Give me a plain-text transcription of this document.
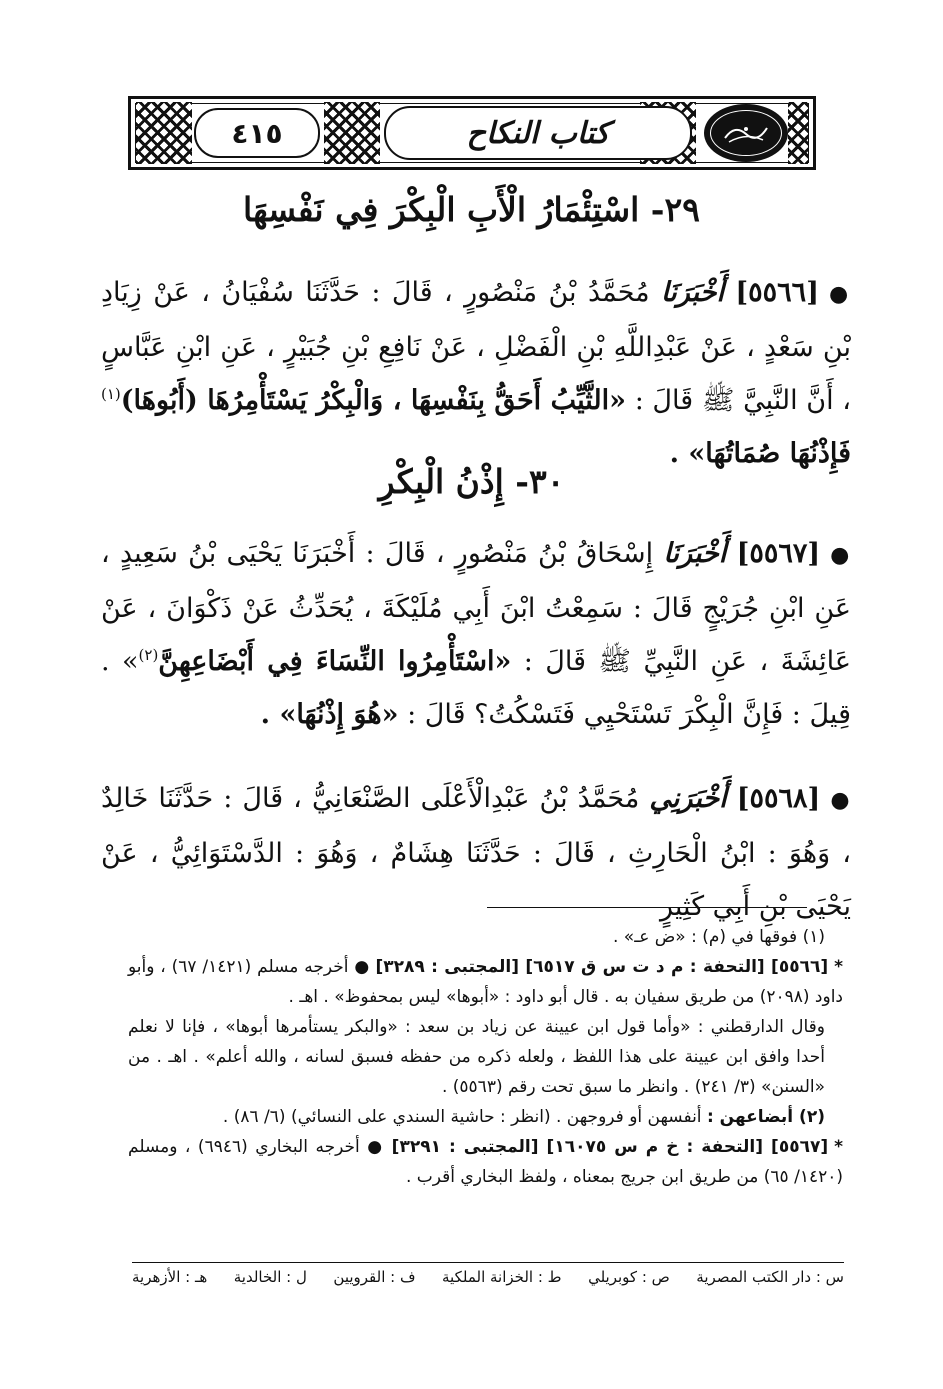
٤١٥	كتاب النكاح
٢٩- اسْتِئْمَارُ الْأَبِ الْبِكْرَ فِي نَفْسِهَا
●[٥٥٦٦] أَخْبَرَنَا مُحَمَّدُ بْنُ مَنْصُورٍ ، قَالَ : حَدَّثَنَا سُفْيَانُ ، عَنْ زِيَادِ بْنِ سَعْدٍ ، عَنْ عَبْدِاللَّهِ بْنِ الْفَضْلِ ، عَنْ نَافِعِ بْنِ جُبَيْرٍ ، عَنِ ابْنِ عَبَّاسٍ ، أَنَّ النَّبِيَّ ﷺ قَالَ : «الثَّيِّبُ أَحَقُّ بِنَفْسِهَا ، وَالْبِكْرُ يَسْتَأْمِرُهَا (أَبُوهَا)$^{(١)}$ فَإِذْنُهَا صُمَاتُهَا» .
٣٠- إِذْنُ الْبِكْرِ
●[٥٥٦٧] أَخْبَرَنَا إِسْحَاقُ بْنُ مَنْصُورٍ ، قَالَ : أَخْبَرَنَا يَحْيَى بْنُ سَعِيدٍ ، عَنِ ابْنِ جُرَيْجٍ قَالَ : سَمِعْتُ ابْنَ أَبِي مُلَيْكَةَ ، يُحَدِّثُ عَنْ ذَكْوَانَ ، عَنْ عَائِشَةَ ، عَنِ النَّبِيِّ ﷺ قَالَ : «اسْتَأْمِرُوا النِّسَاءَ فِي أَبْضَاعِهِنَّ$^{(٢)}$» . قِيلَ : فَإِنَّ الْبِكْرَ تَسْتَحْيِي فَتَسْكُتُ؟ قَالَ : «هُوَ إِذْنُهَا» .
●[٥٥٦٨] أَخْبَرَنِي مُحَمَّدُ بْنُ عَبْدِالْأَعْلَى الصَّنْعَانِيُّ ، قَالَ : حَدَّثَنَا خَالِدٌ ، وَهُوَ : ابْنُ الْحَارِثِ ، قَالَ : حَدَّثَنَا هِشَامٌ ، وَهُوَ : الدَّسْتَوَائِيُّ ، عَنْ يَحْيَى بْنِ أَبِي كَثِيرٍ
(١) فوقها في (م) : «ض عـ» .
*[٥٥٦٦] [التحفة : م د ت س ق ٦٥١٧] [المجتبى : ٣٢٨٩] ● أخرجه مسلم (١٤٢١/ ٦٧) ، وأبو داود (٢٠٩٨) من طريق سفيان به . قال أبو داود : «أبوها» ليس بمحفوظ» . اهـ .
وقال الدارقطني : «وأما قول ابن عيينة عن زياد بن سعد : «والبكر يستأمرها أبوها» ، فإنا لا نعلم أحدا وافق ابن عيينة على هذا اللفظ ، ولعله ذكره من حفظه فسبق لسانه ، والله أعلم» . اهـ . من «السنن» (٣/ ٢٤١) . وانظر ما سبق تحت رقم (٥٥٦٣) .
(٢) أبضاعهن : أنفسهن أو فروجهن . (انظر : حاشية السندي على النسائي) (٦/ ٨٦) .
*[٥٥٦٧] [التحفة : خ م س ١٦٠٧٥] [المجتبى : ٣٢٩١] ● أخرجه البخاري (٦٩٤٦) ، ومسلم (١٤٢٠/ ٦٥) من طريق ابن جريج بمعناه ، ولفظ البخاري أقرب .
س : دار الكتب المصرية
ص : كوبريلي
ط : الخزانة الملكية
ف : القرويين
ل : الخالدية
هـ : الأزهرية
